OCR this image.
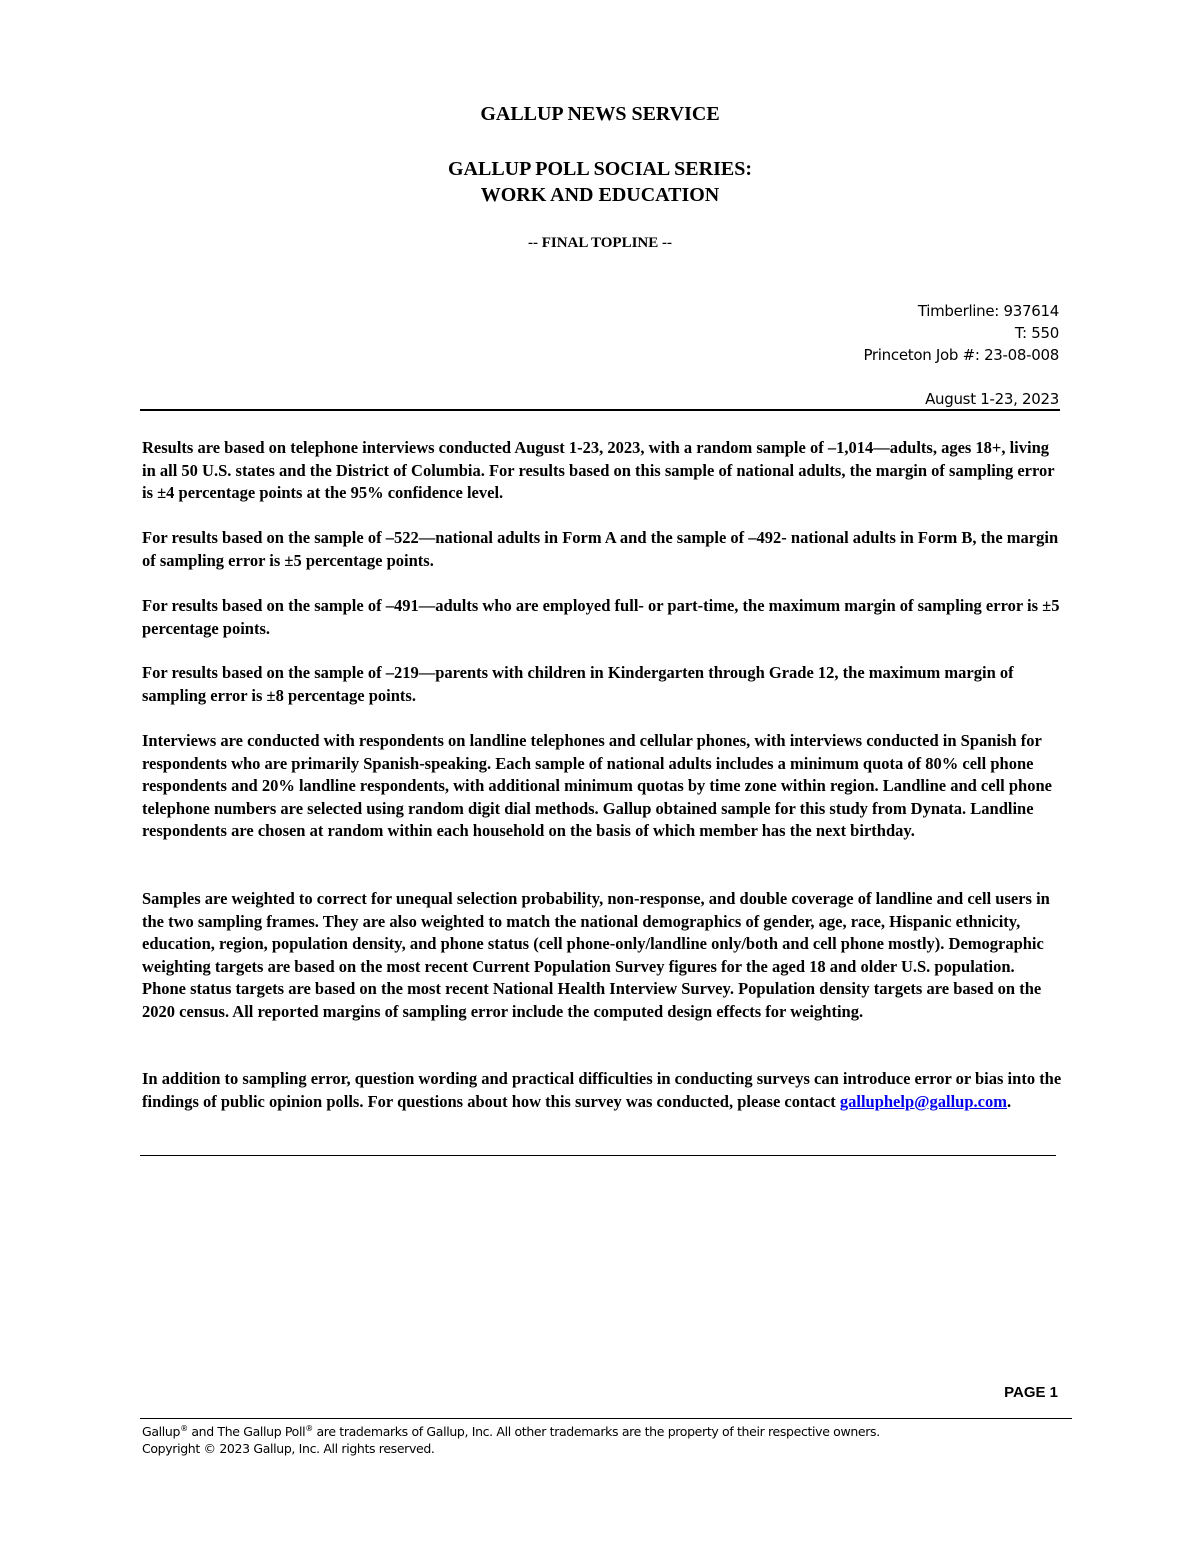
GALLUP NEWS SERVICE
GALLUP POLL SOCIAL SERIES:
WORK AND EDUCATION
-- FINAL TOPLINE --
Timberline: 937614
T: 550
Princeton Job #: 23-08-008
August 1-23, 2023
Results are based on telephone interviews conducted August 1-23, 2023, with a random sample of –1,014—adults, ages 18+, living in all 50 U.S. states and the District of Columbia. For results based on this sample of national adults, the margin of sampling error is ±4 percentage points at the 95% confidence level.
For results based on the sample of –522—national adults in Form A and the sample of –492- national adults in Form B, the margin of sampling error is ±5 percentage points.
For results based on the sample of –491—adults who are employed full- or part-time, the maximum margin of sampling error is ±5 percentage points.
For results based on the sample of –219—parents with children in Kindergarten through Grade 12, the maximum margin of sampling error is ±8 percentage points.
Interviews are conducted with respondents on landline telephones and cellular phones, with interviews conducted in Spanish for respondents who are primarily Spanish-speaking. Each sample of national adults includes a minimum quota of 80% cell phone respondents and 20% landline respondents, with additional minimum quotas by time zone within region. Landline and cell phone telephone numbers are selected using random digit dial methods. Gallup obtained sample for this study from Dynata. Landline respondents are chosen at random within each household on the basis of which member has the next birthday.
Samples are weighted to correct for unequal selection probability, non-response, and double coverage of landline and cell users in the two sampling frames. They are also weighted to match the national demographics of gender, age, race, Hispanic ethnicity, education, region, population density, and phone status (cell phone-only/landline only/both and cell phone mostly). Demographic weighting targets are based on the most recent Current Population Survey figures for the aged 18 and older U.S. population. Phone status targets are based on the most recent National Health Interview Survey. Population density targets are based on the 2020 census. All reported margins of sampling error include the computed design effects for weighting.
In addition to sampling error, question wording and practical difficulties in conducting surveys can introduce error or bias into the findings of public opinion polls. For questions about how this survey was conducted, please contact galluphelp@gallup.com.
PAGE 1
Gallup® and The Gallup Poll® are trademarks of Gallup, Inc. All other trademarks are the property of their respective owners.
Copyright © 2023 Gallup, Inc. All rights reserved.
